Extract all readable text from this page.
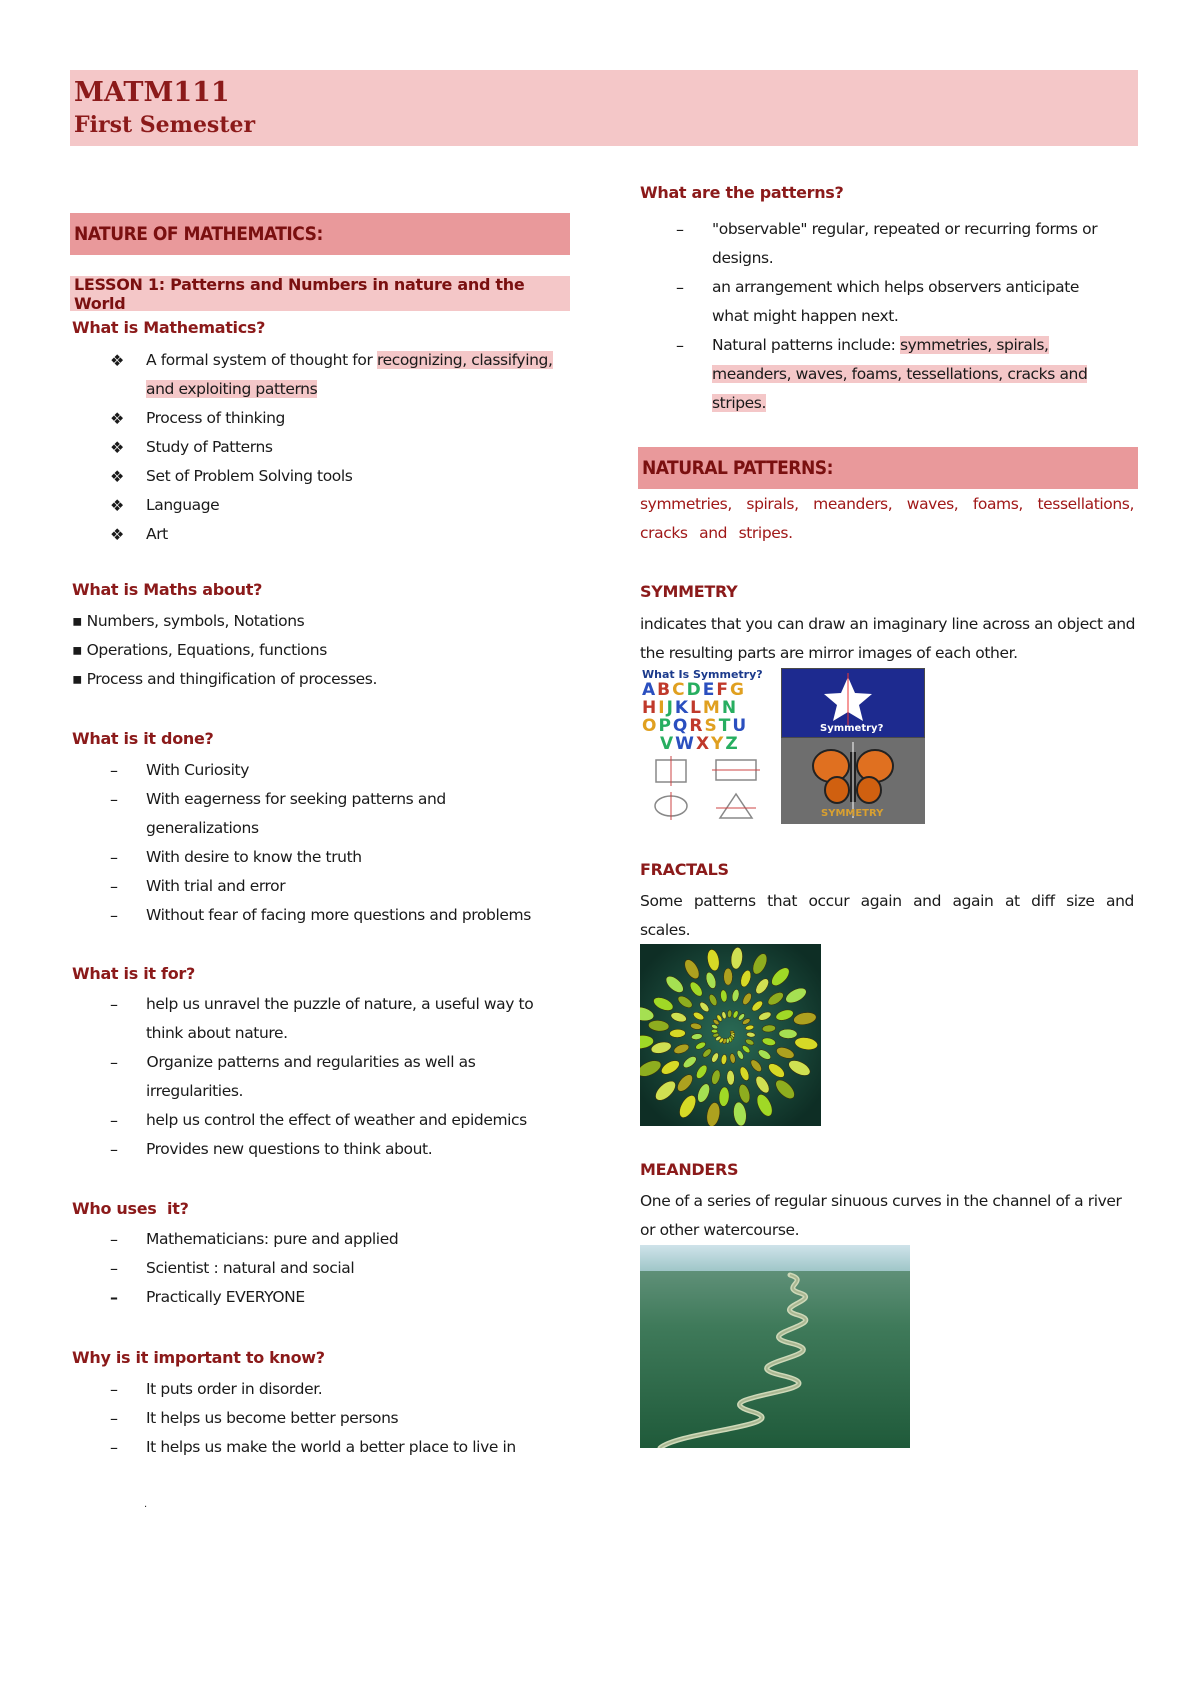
MATM111
First Semester
NATURE OF MATHEMATICS:
LESSON 1: Patterns and Numbers in nature and the World
What is Mathematics?
❖ A formal system of thought for recognizing, classifying,
and exploiting patterns
❖ Process of thinking
❖ Study of Patterns
❖ Set of Problem Solving tools
❖ Language
❖ Art
What is Maths about?
▪ Numbers, symbols, Notations
▪ Operations, Equations, functions
▪ Process and thingification of processes.
What is it done?
– With Curiosity
– With eagerness for seeking patterns and
generalizations
– With desire to know the truth
– With trial and error
– Without fear of facing more questions and problems
What is it for?
– help us unravel the puzzle of nature, a useful way to
think about nature.
– Organize patterns and regularities as well as
irregularities.
– help us control the effect of weather and epidemics
– Provides new questions to think about.
Who uses  it?
– Mathematicians: pure and applied
– Scientist : natural and social
– Practically EVERYONE
Why is it important to know?
– It puts order in disorder.
– It helps us become better persons
– It helps us make the world a better place to live in
.
What are the patterns?
– "observable" regular, repeated or recurring forms or
designs.
– an arrangement which helps observers anticipate
what might happen next.
– Natural patterns include: symmetries, spirals,
meanders, waves, foams, tessellations, cracks and
stripes.
NATURAL PATTERNS:
symmetries, spirals, meanders, waves, foams, tessellations, cracks and stripes.
SYMMETRY
indicates that you can draw an imaginary line across an object and the resulting parts are mirror images of each other.
What Is Symmetry?
ABCDEFG
HIJKLMN
OPQRSTU
VWXYZ
Symmetry?
SYMMETRY
FRACTALS
Some patterns that occur again and again at diff size and scales.
MEANDERS
One of a series of regular sinuous curves in the channel of a river or other watercourse.
